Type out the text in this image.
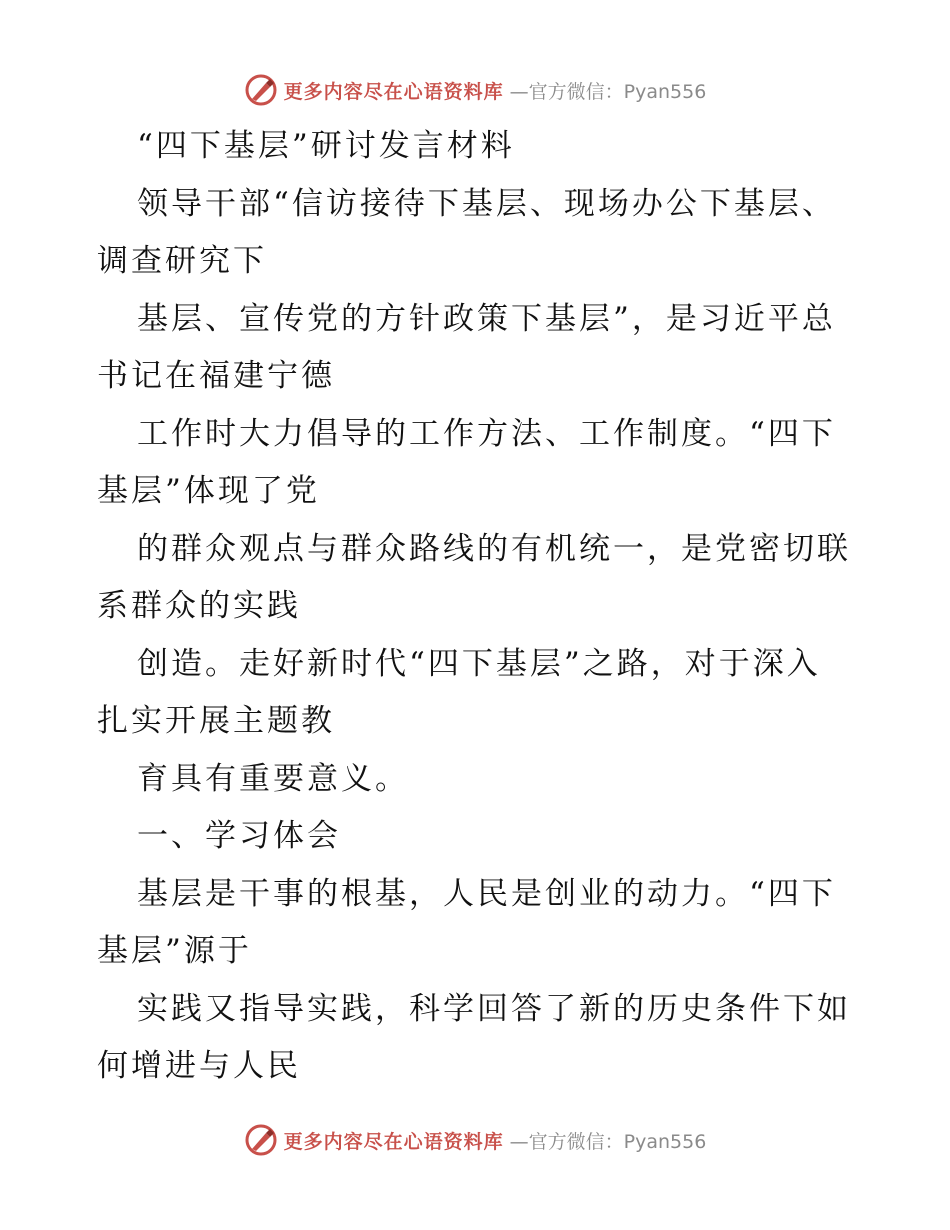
更多内容尽在心语资料库 —官方微信：Pyan556
“四下基层”研讨发言材料
领导干部“信访接待下基层、现场办公下基层、
调查研究下
基层、宣传党的方针政策下基层”，是习近平总
书记在福建宁德
工作时大力倡导的工作方法、工作制度。“四下
基层”体现了党
的群众观点与群众路线的有机统一，是党密切联
系群众的实践
创造。走好新时代“四下基层”之路，对于深入
扎实开展主题教
育具有重要意义。
一、学习体会
基层是干事的根基，人民是创业的动力。“四下
基层”源于
实践又指导实践，科学回答了新的历史条件下如
何增进与人民
更多内容尽在心语资料库 —官方微信：Pyan556
